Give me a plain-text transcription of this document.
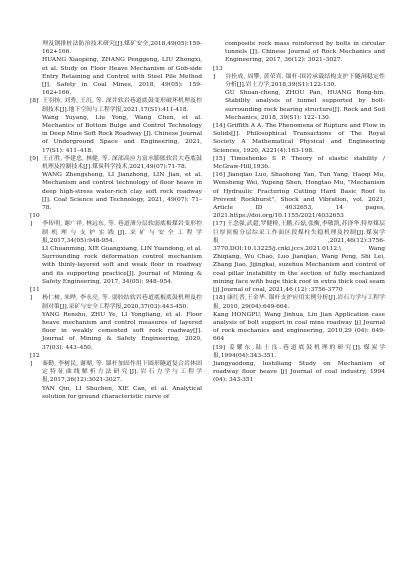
理及钢排桩法防治技术研究[J].煤矿安全,2018,49(05):159-162+166.

HUANG Xiaopeng, ZHANG Penggeng, LIU Zhongxi, et al. Study on Floor Heave Mechanism of Gob-side Entry Retaining and Control with Steel Pile Method [J]. Safety in Coal Mines, 2018, 49(05): 159-162+166.

[8] 王羽扬, 刘秀, 王沉, 等. 深井软岩巷道底鼓变形破坏机理及控制技术[J].地下空间与工程学报,2021,17(S1):411-418.

Wang Yuyang, Liu Yong, Wang Chen, et al. Mechanics of Bottom Bulge and Control Technology in Deep Mine Soft Rock Roadway [J]. Chinese Journal of Underground Space and Engineering, 2021, 17(S1): 411–418.

[9] 王正胜, 李建忠, 林健, 等. 深部高应力富水膨胀软岩大巷底鼓机理及控制技术[J].煤炭科学技术,2021,49(07):71-78.

WANG Zhengsheng, LI Jianzhong, LIN Jian, et al. Mechanism and control technology of floor heave in deep high-stress water-rich clay soft rock roadway [J]. Coal Science and Technology, 2021, 49(07): 71–78.

[10] 李传明, 谢广祥, 林远东, 等. 巷道薄分层软弱底板煤岩变形控制机理与支护实践[J].采矿与安全工程学报,2017,34(05):948-954.

LI Chuanming, XIE Guangxiang, LIN Yuandong, et al. Surrounding rock deformation control mechanism with thinly-layered soft and weak floor in roadway and its supporting practice[J]. Journal of Mining & Safety Engineering, 2017, 34(05): 948–954.

[11] 杨仁树, 朱晔, 李永亮, 等. 弱胶结软岩巷道底板底鼓机理及控制对策[J].采矿与安全工程学报,2020,37(03):443-450.

YANG Renshu, ZHU Ye, LI Yongliang, et al. Floor heave mechanism and control measures of layered floor in weakly cemented soft rock roadway[J]. Journal of Mining & Safety Engineering, 2020, 37(03): 443–450.

[12] 秦勤, 李树民, 谢瑚, 等. 锚杆加固作用下圆形隧道复合岩体固定特征曲线解析方法研究[J].岩石力学与工程学报,2017,36(12):3021-3027.

YAN Qin, LI Shuchen, XIE Can, et al. Analytical solution for ground characteristic curve of

composite rock mass reinforced by bolts in circular tunnels [J]. Chinese Journal of Rock Mechanics and Engineering, 2017, 36(12): 3021–3027.

[13] 谷拴成, 周攀, 黄荣宾. 锚杆-围岩承载结构支护下隧洞稳定性分析[J].岩土力学,2018,39(S1):122-130.

GU Shuan-cheng, ZHOU Pan, HUANG Rong-bin. Stability analysis of tunnel supported by bolt-surrounding rock bearing structure[J]. Rock and Soil Mechanics, 2018, 39(S1): 122–130.

[14] Griffith A A. The Phenomena of Rupture and Flow in Solids[J]. Philosophical Transactions of The Royal Society A Mathematical Physical and Engineering Sciences, 1920, A221(4):163-198.

[15] Timoshenko S P. Theory of elastic stability / McGraw-Hill,1936.

[16] Jianqiao Luo, Shaohong Yan, Tun Yang, Haoqi Mu, Wensheng Wei, Yupeng Shen, Hongtao Mu, "Mechanism of Hydraulic Fracturing Cutting Hard Basic Roof to Prevent Rockburst", Shock and Vibration, vol. 2021, Article ID 4032653, 14 pages, 2021.https://doi.org/10.1155/2021/4032653

[17] 王念强,武超,罗健桥,王鹏,石磊,张衡,李敬凯,苏泽华.特厚煤层巨厚顶板分层综采工作面区段煤柱失稳机理及控制[J].煤炭学报,2021,46(12):3756-3770.DOI:10.13225/j.cnki.jccs.2021.0112.\ Wang Zhiqiang, Wu Chao, Luo Jianqiao, Wang Peng, Shi Lei, Zhang Jiao, Jijingkai, suzehua Mechanism and control of coal pillar instability in the section of fully mechanized mining face with huge thick roof in extra thick coal seam [j] Journal of coal, 2021,46 (12) :3756-3770

[18] 康红普,王金华. 锚杆支护应用实例分析[J].岩石力学与工程学报, 2010, 29(04):649-664.

Kang HONGPU, Wang Jinhua, Lin Jian Application case analysis of bolt support in coal mine roadway [j] Journal of rock mechanics and engineering, 2010,29 (04): 649-664

[19] 姜耀东,陆士良.巷道底鼓机理的研究[J].煤炭学报,1994(04):343-351.

Jiangyaodong, lushiliang Study on Mechanism of roadway floor heave [j] Journal of coal industry, 1994 (04): 343-351
